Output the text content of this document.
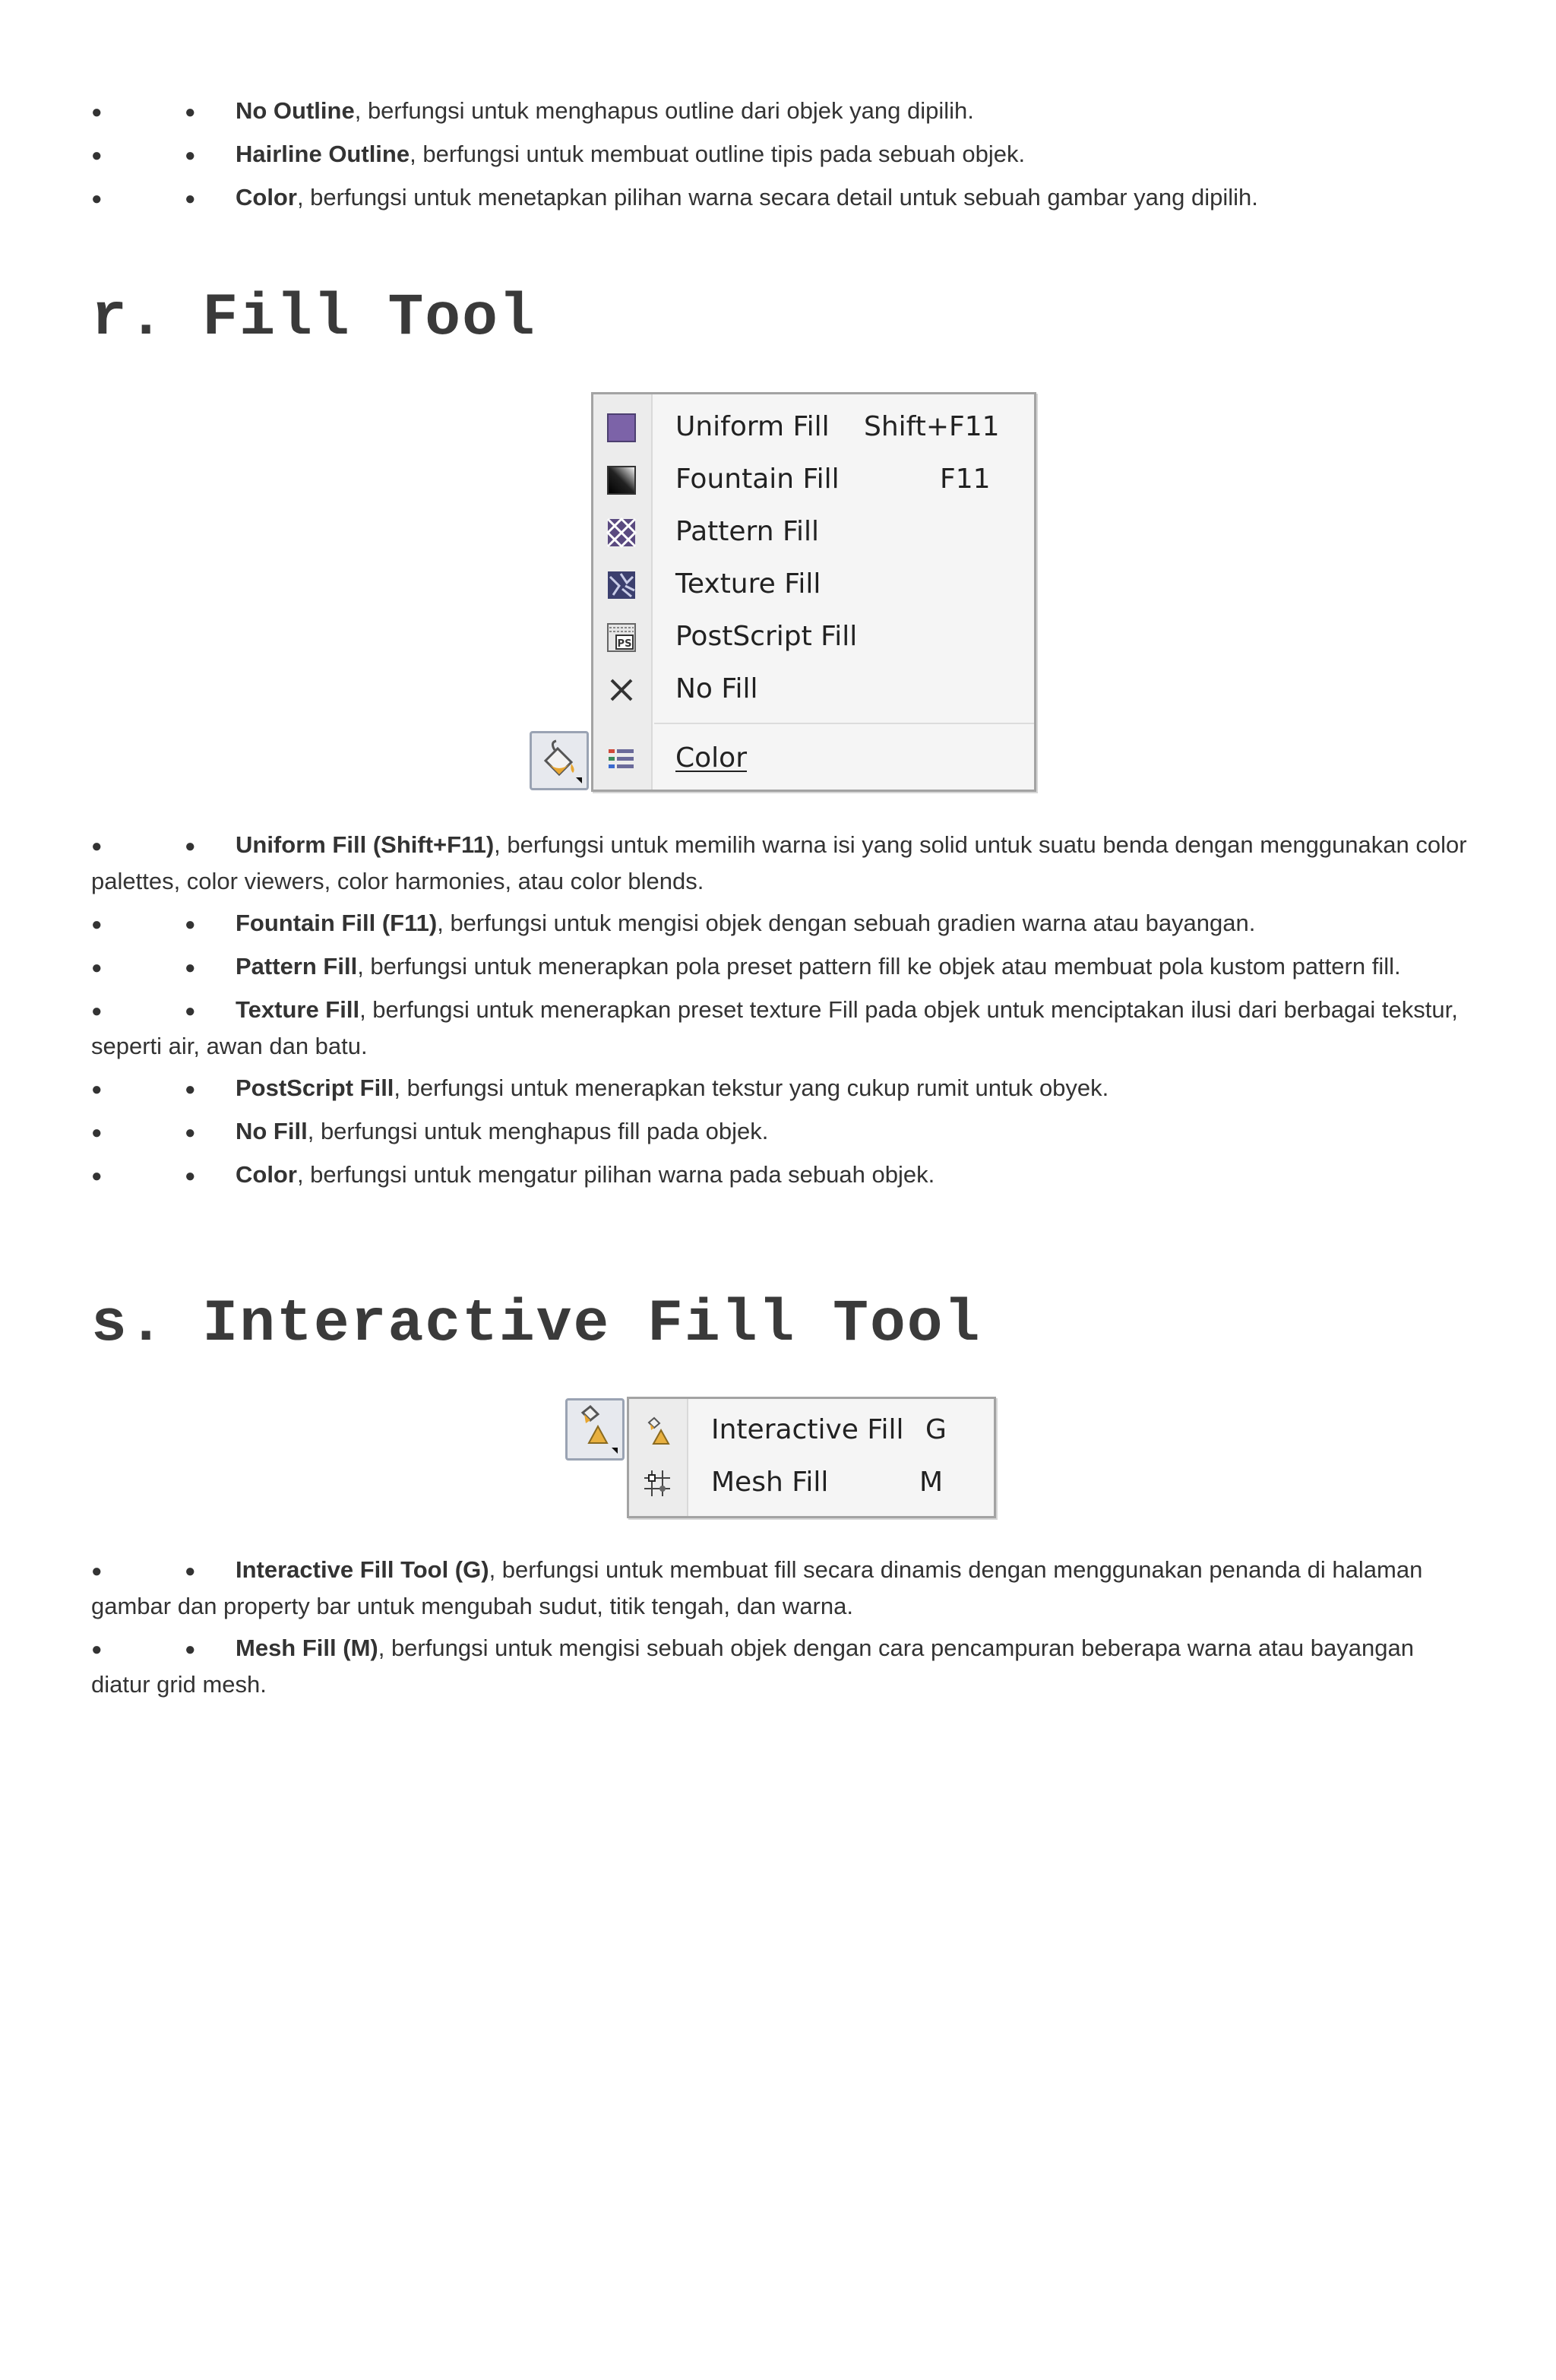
●	● No Outline, berfungsi untuk menghapus outline dari objek yang dipilih.
●	● Hairline Outline, berfungsi untuk membuat outline tipis pada sebuah objek.
●	● Color, berfungsi untuk menetapkan pilihan warna secara detail untuk sebuah gambar yang dipilih.
r. Fill Tool
Uniform Fill Shift+F11
Fountain Fill	F11
Pattern Fill
Texture Fill
PS PostScript Fill
No Fill
Color
●	● Uniform Fill (Shift+F11), berfungsi untuk memilih warna isi yang solid untuk suatu benda dengan menggunakan color palettes, color viewers, color harmonies, atau color blends.
●	● Fountain Fill (F11), berfungsi untuk mengisi objek dengan sebuah gradien warna atau bayangan.
●	● Pattern Fill, berfungsi untuk menerapkan pola preset pattern fill ke objek atau membuat pola kustom pattern fill.
●	● Texture Fill, berfungsi untuk menerapkan preset texture Fill pada objek untuk menciptakan ilusi dari berbagai tekstur, seperti air, awan dan batu.
●	● PostScript Fill, berfungsi untuk menerapkan tekstur yang cukup rumit untuk obyek.
●	● No Fill, berfungsi untuk menghapus fill pada objek.
●	● Color, berfungsi untuk mengatur pilihan warna pada sebuah objek.
s. Interactive Fill Tool
Interactive Fill G
Mesh Fill	M
●	● Interactive Fill Tool (G), berfungsi untuk membuat fill secara dinamis dengan menggunakan penanda di halaman gambar dan property bar untuk mengubah sudut, titik tengah, dan warna.
●	● Mesh Fill (M), berfungsi untuk mengisi sebuah objek dengan cara pencampuran beberapa warna atau bayangan diatur grid mesh.
